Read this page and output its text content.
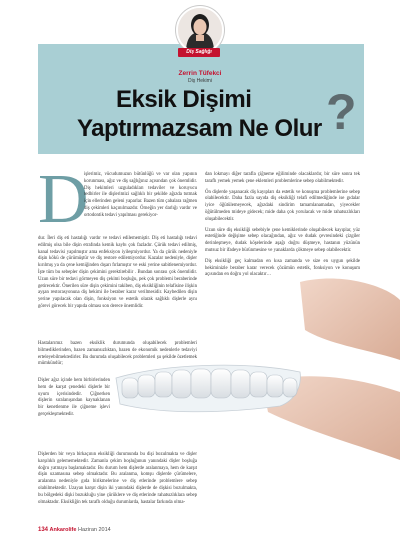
Diş Sağlığı
Zerrin Tüfekci
Diş Hekimi
Eksik Dişimi
Yaptırmazsam Ne Olur ?
D
işlerimiz, vücudumuzun bütünlüğü ve var olan yapının korunması, ağız ve diş sağlığınız açısından çok önemlidir. Diş hekimleri uzguladıkları tedaviler ve koruyucu tedbirler ile dişlerimizi sağlıklı bir şekilde ağızda tutmak için ellerinden geleni yaparlar. Bazen tüm çabalara rağmen diş çekimleri kaçınılmazdır. Örneğin yer darlığı vardır ve ortodontik tedavi yapılması gerekiyor-
dur. İleri diş eti hastalığı vardır ve tedavi edilememiştir. Diş eti hastalığı tedavi edilmiş olsa bile dişin etrafında kemik kaybı çok fazladır. Çürük tedavi edilmiş, kanal tedavisi yapılmıştır ama enfeksiyon iyileşmiyordur. Ya da çürük nedeniyle dişin kökü de çürümüştür ve diş restore edilemiyordur. Kazalar nedeniyle, dişler kırılmış ya da çene kemiğinden dışarı fırlamıştır ve eski yerine sabitlenemiyordur. İşte tüm bu sebepler dişin çekimini gerektirebilir . Bundan sonrası çok önemlidir. Uzun süre bir tedavi görmeyen diş çekimi boşluğu, pek çok problemi beraberinde getirecektir. Önerilen süre dişin çekimini takiben, diş eksikliğinin telafisine ilişkin ayşan restorasyonuna diş hekimi ile beraber karar verilmesidir. Kaybedilen dişin yerine yapılacak olan dişin, fonksiyon ve estetik olarak sağlıklı dişlerle aynı görevi görecek bir yapıda olması son derece önemlidir.
Hastalarımız bazen eksiklik durumunda oluşabilecek problemleri bilmediklerinden, bazen zamansızlıktan, bazen de ekonomik nedenlerle tedaviyi erteleyebilmektedirler. Bu durumda oluşabilecek problemleri şu şekilde özetlemek mümkündür;
Dişler ağız içinde hem birbirlerinden hem de karşıt çenedeki dişlerle bir uyum içerisindedir. Çiğnerken dişlerin sıralanışından kaynaklanan bir kenetlenme ile çiğneme işlevi gerçekleşmektedir.
Dişlerden bir veya birkaçının eksikliği durumunda bu dişi bozulmakta ve dişler karşılıklı gelememektedir. Zamanla çekim boşluğunun yanındaki dişler boşluğa doğru yatmaya başlamaktadır. Bu durum hem dişlerde aralanmaya, hem de karşıt dişin uzamasına sebep olmaktadır. Bu aralanma, komşu dişlerde çürümelere, aralanma nedeniyle gıda birikmelerine ve diş etlerinde problemlere sebep olabilmektedir. Uzayan karşıt dişin iki yanındaki dişlerde de dişkisi bozulmakta, bu bölgedeki dişki bozukluğu yine çürüklere ve diş etlerinde rahatsızlıklara sebep olmaktadır. Eksikliğin tek taraflı olduğu durumlarda, hastalar farkında olma-

dan lokmayı diğer tarafla çiğneme eğiliminde olacaklardır, bir süre sonra tek taraflı yemek yemek çene eklemleri problemlerine sebep olabilmektedir.

Ön dişlerde yaşanacak diş kayıpları da estetik ve konuşma problemlerine sebep olabilecektir. Daha fazla sayıda diş eksikliği telafi edilmediğinde ise gıdalar iyice öğütülemeyecek, ağızdaki sindirim tamamlanamadan, yiyecekler öğütülmeden mideye gidecek; mide daha çok yorulacak ve mide rahatsızlıkları oluşabilecektir.

Uzun süre diş eksikliği sebebiyle çene kemiklerinde oluşabilecek kayıplar, yüz estetiğinde değişime sebep olacağından, ağız ve dudak çevresindeki çizgiler derinleşmeye, dudak köşelerinde aşağı doğru düşmeye, hastanın yüzünün mutsuz bir ifadeye bürünmesine ve yanaklarda çökmeye sebep olabilecektir.

Diş eksikliği geç kalmadan en kısa zamanda ve size en uygun şekilde hekiminizle beraber karar verecek çözümün estetik, fonksiyon ve konuşum açısından en doğru yol olacaktır…

134 Ankarolife Haziran 2014
